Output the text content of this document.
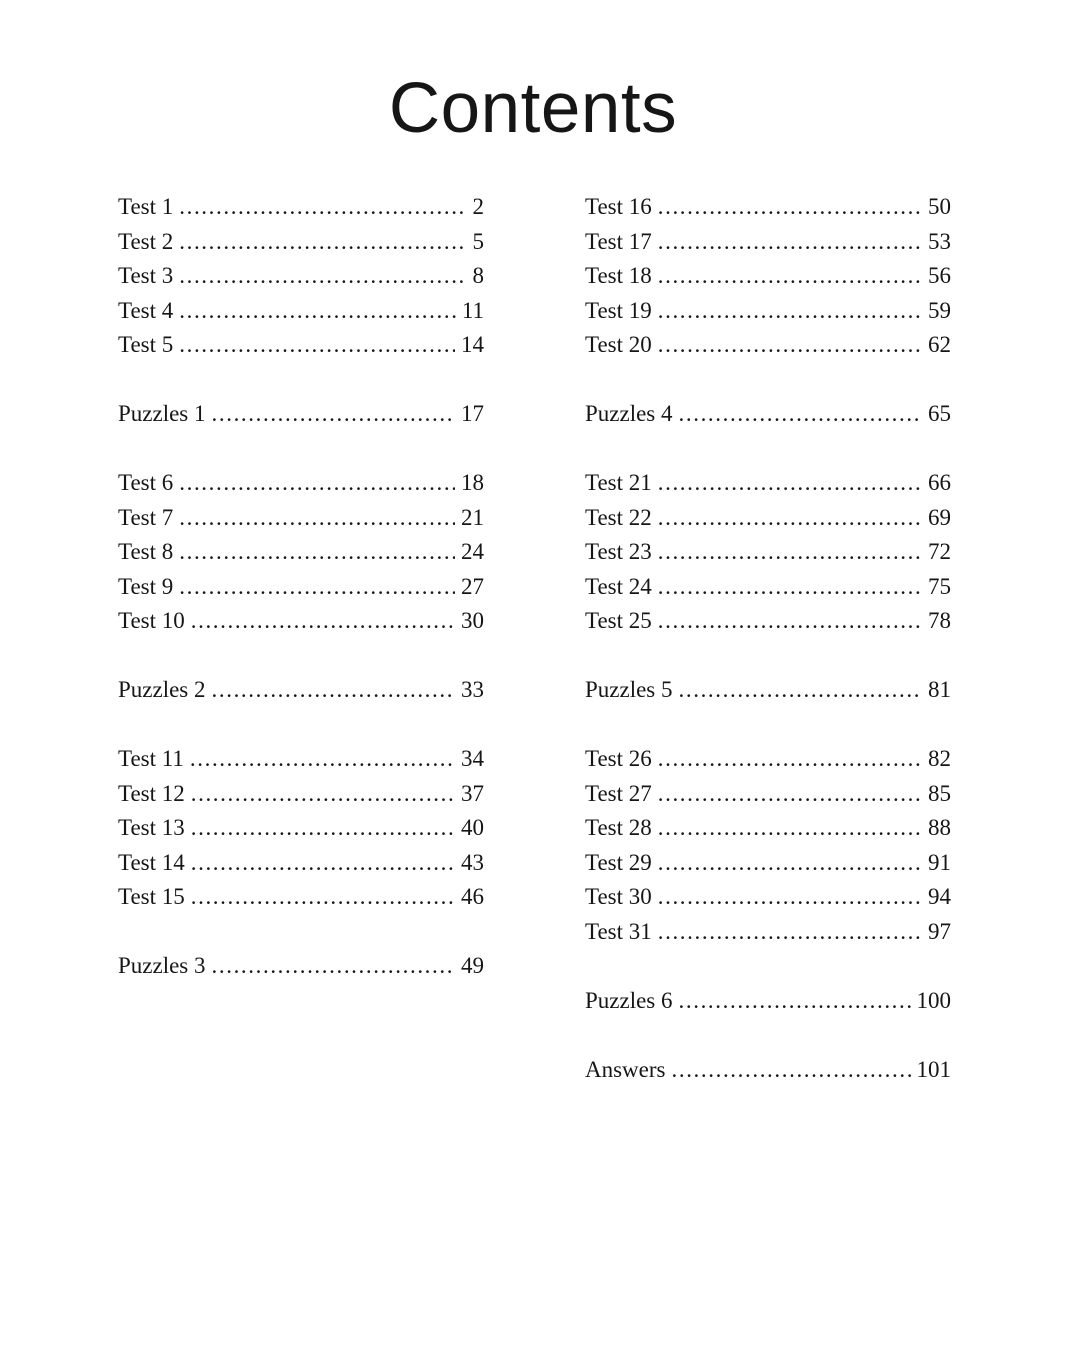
Contents
Test 1 .....	2
Test 2 .....	5
Test 3 .....	8
Test 4 .....	11
Test 5 .....	14
Puzzles 1 .....	17
Test 6 .....	18
Test 7 .....	21
Test 8 .....	24
Test 9 .....	27
Test 10 .....	30
Puzzles 2 .....	33
Test 11 .....	34
Test 12 .....	37
Test 13 .....	40
Test 14 .....	43
Test 15 .....	46
Puzzles 3 .....	49
Test 16 .....	50
Test 17 .....	53
Test 18 .....	56
Test 19 .....	59
Test 20 .....	62
Puzzles 4 .....	65
Test 21 .....	66
Test 22 .....	69
Test 23 .....	72
Test 24 .....	75
Test 25 .....	78
Puzzles 5 .....	81
Test 26 .....	82
Test 27 .....	85
Test 28 .....	88
Test 29 .....	91
Test 30 .....	94
Test 31 .....	97
Puzzles 6 .....	100
Answers .....	101
